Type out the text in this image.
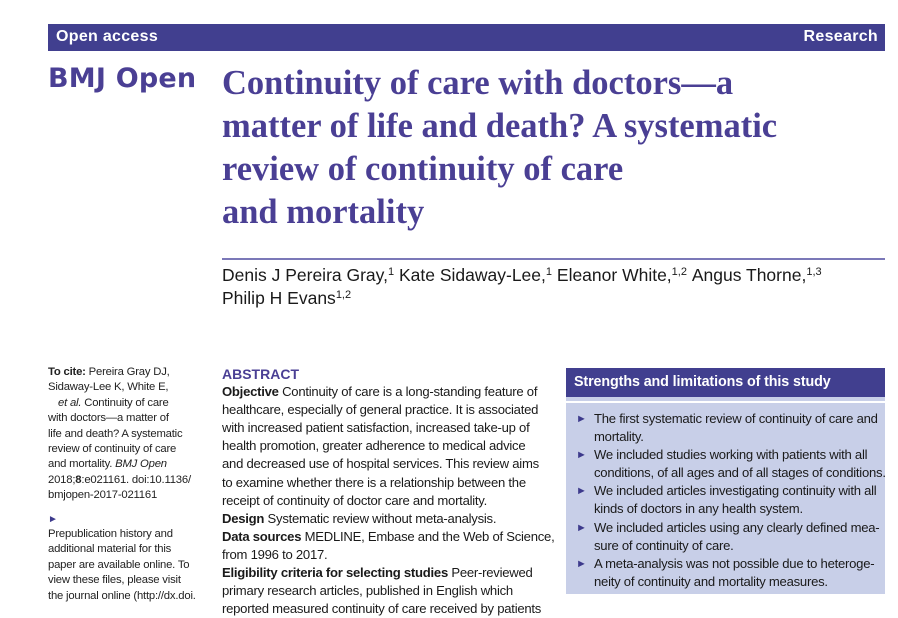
Open access	Research
BMJ Open Continuity of care with doctors—a
matter of life and death? A systematic
review of continuity of care
and mortality
Denis J Pereira Gray,$^1$ Kate Sidaway-Lee,$^1$ Eleanor White,$^{1,2}$ Angus Thorne,$^{1,3}$
Philip H Evans$^{1,2}$
To cite: Pereira Gray DJ,
Sidaway-Lee K, White E,
et al. Continuity of care
with doctors—a matter of
life and death? A systematic
review of continuity of care
and mortality. BMJ Open
2018;8:e021161. doi:10.1136/
bmjopen-2017-021161
►
Prepublication history and
additional material for this
paper are available online. To
view these files, please visit
the journal online (http://dx.doi.
ABSTRACT
Objective Continuity of care is a long-standing feature of
healthcare, especially of general practice. It is associated
with increased patient satisfaction, increased take-up of
health promotion, greater adherence to medical advice
and decreased use of hospital services. This review aims
to examine whether there is a relationship between the
receipt of continuity of doctor care and mortality.
Design Systematic review without meta-analysis.
Data sources MEDLINE, Embase and the Web of Science,
from 1996 to 2017.
Eligibility criteria for selecting studies Peer-reviewed
primary research articles, published in English which
reported measured continuity of care received by patients
Strengths and limitations of this study
► The first systematic review of continuity of care and
mortality.
► We included studies working with patients with all
conditions, of all ages and of all stages of conditions.
► We included articles investigating continuity with all
kinds of doctors in any health system.
► We included articles using any clearly defined mea-
sure of continuity of care.
► A meta-analysis was not possible due to heteroge-
neity of continuity and mortality measures.
